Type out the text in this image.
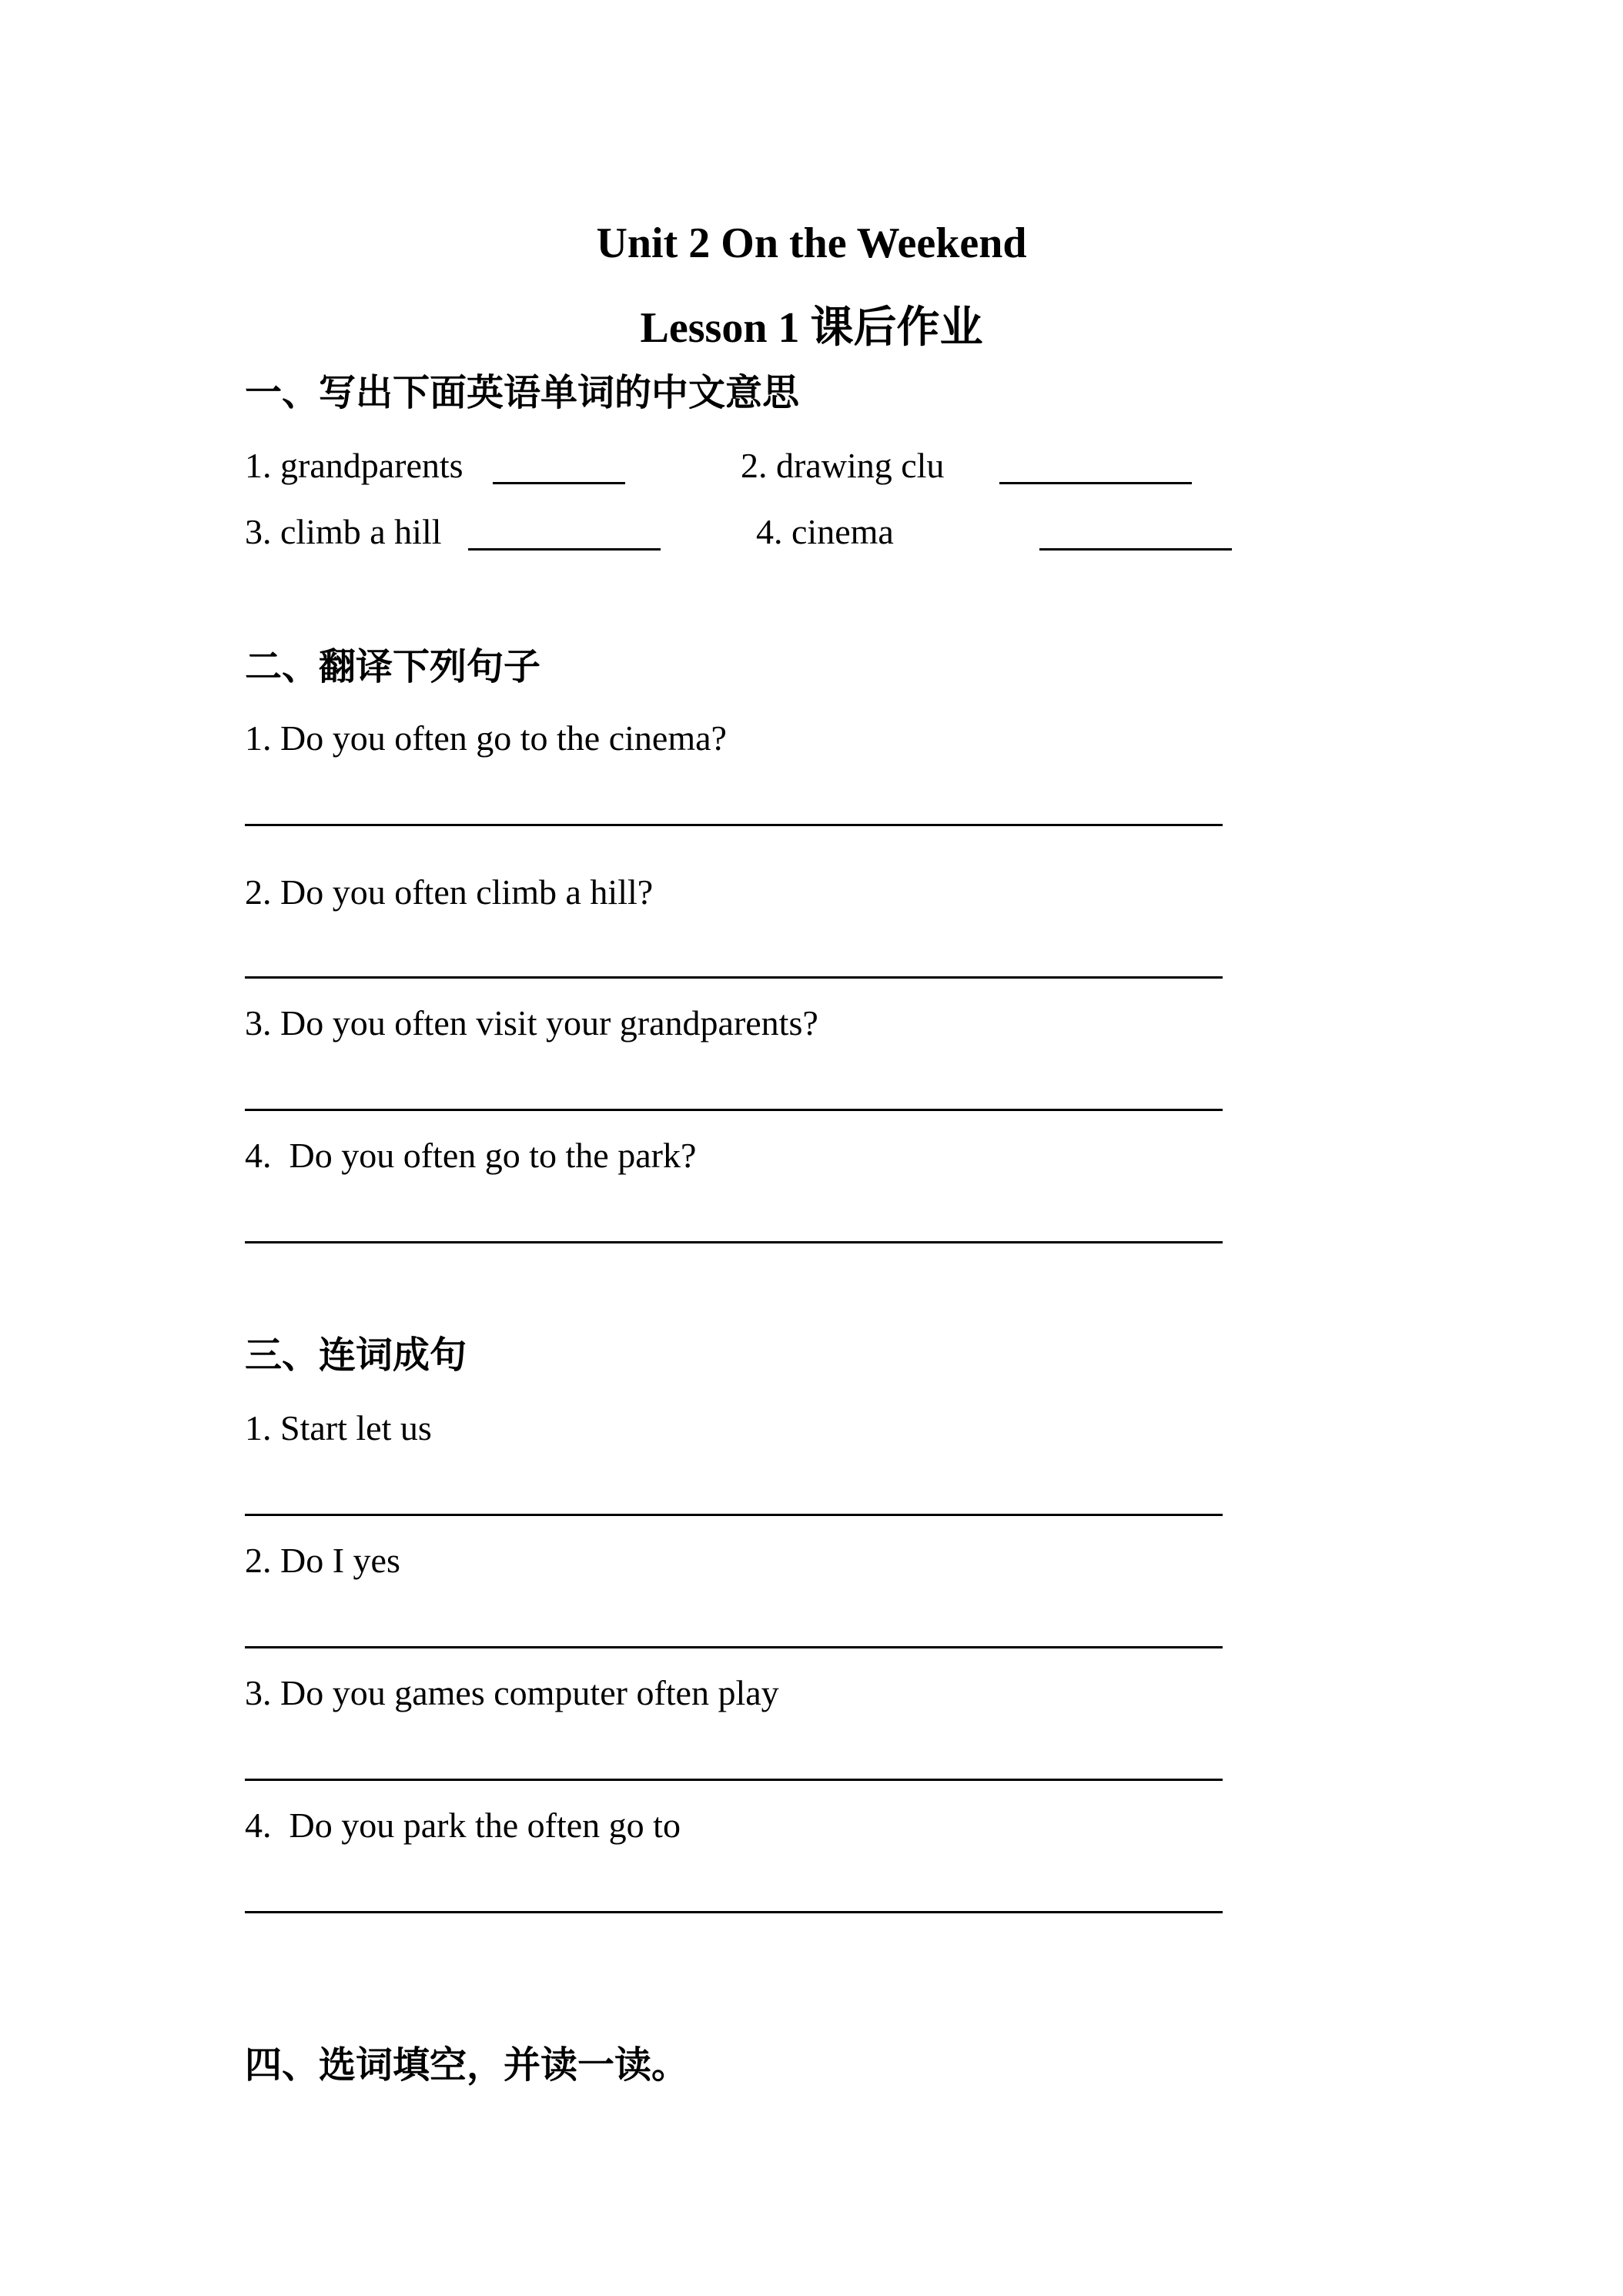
Unit 2 On the Weekend
Lesson 1 课后作业
一、写出下面英语单词的中文意思
1. grandparents	2. drawing clu
3. climb a hill	4. cinema
二、翻译下列句子
1. Do you often go to the cinema?
2. Do you often climb a hill?
3. Do you often visit your grandparents?
4.  Do you often go to the park?
三、连词成句
1. Start let us
2. Do I yes
3. Do you games computer often play
4.  Do you park the often go to
四、选词填空，并读一读。
